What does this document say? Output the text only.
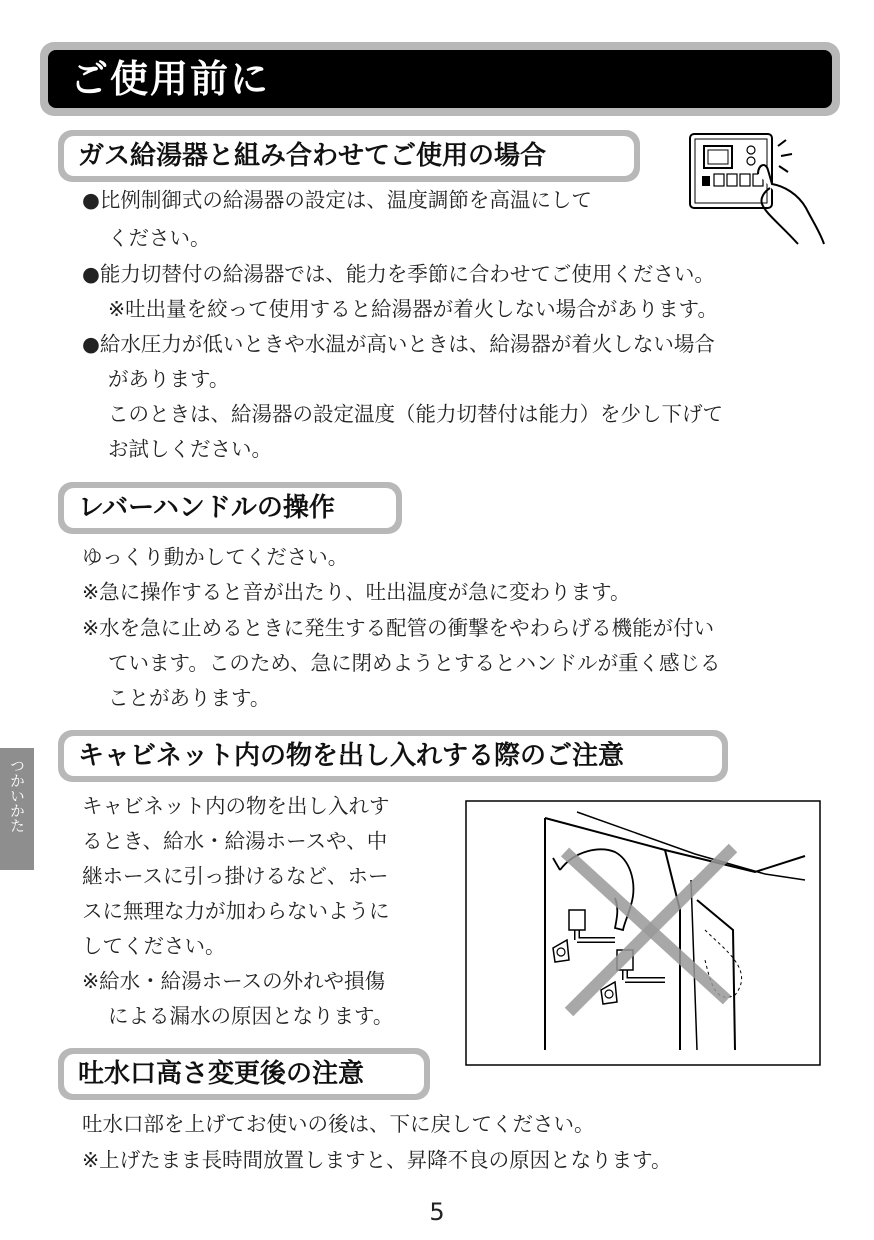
ご使用前に
ガス給湯器と組み合わせてご使用の場合
●比例制御式の給湯器の設定は、温度調節を高温にして
ください。
●能力切替付の給湯器では、能力を季節に合わせてご使用ください。
※吐出量を絞って使用すると給湯器が着火しない場合があります。
●給水圧力が低いときや水温が高いときは、給湯器が着火しない場合
があります。
このときは、給湯器の設定温度（能力切替付は能力）を少し下げて
お試しください。
レバーハンドルの操作
ゆっくり動かしてください。
※急に操作すると音が出たり、吐出温度が急に変わります。
※水を急に止めるときに発生する配管の衝撃をやわらげる機能が付い
ています。このため、急に閉めようとするとハンドルが重く感じる
ことがあります。
キャビネット内の物を出し入れする際のご注意
キャビネット内の物を出し入れす
るとき、給水・給湯ホースや、中
継ホースに引っ掛けるなど、ホー
スに無理な力が加わらないように
してください。
※給水・給湯ホースの外れや損傷
による漏水の原因となります。
吐水口高さ変更後の注意
吐水口部を上げてお使いの後は、下に戻してください。
※上げたまま長時間放置しますと、昇降不良の原因となります。
つかいかた
5
